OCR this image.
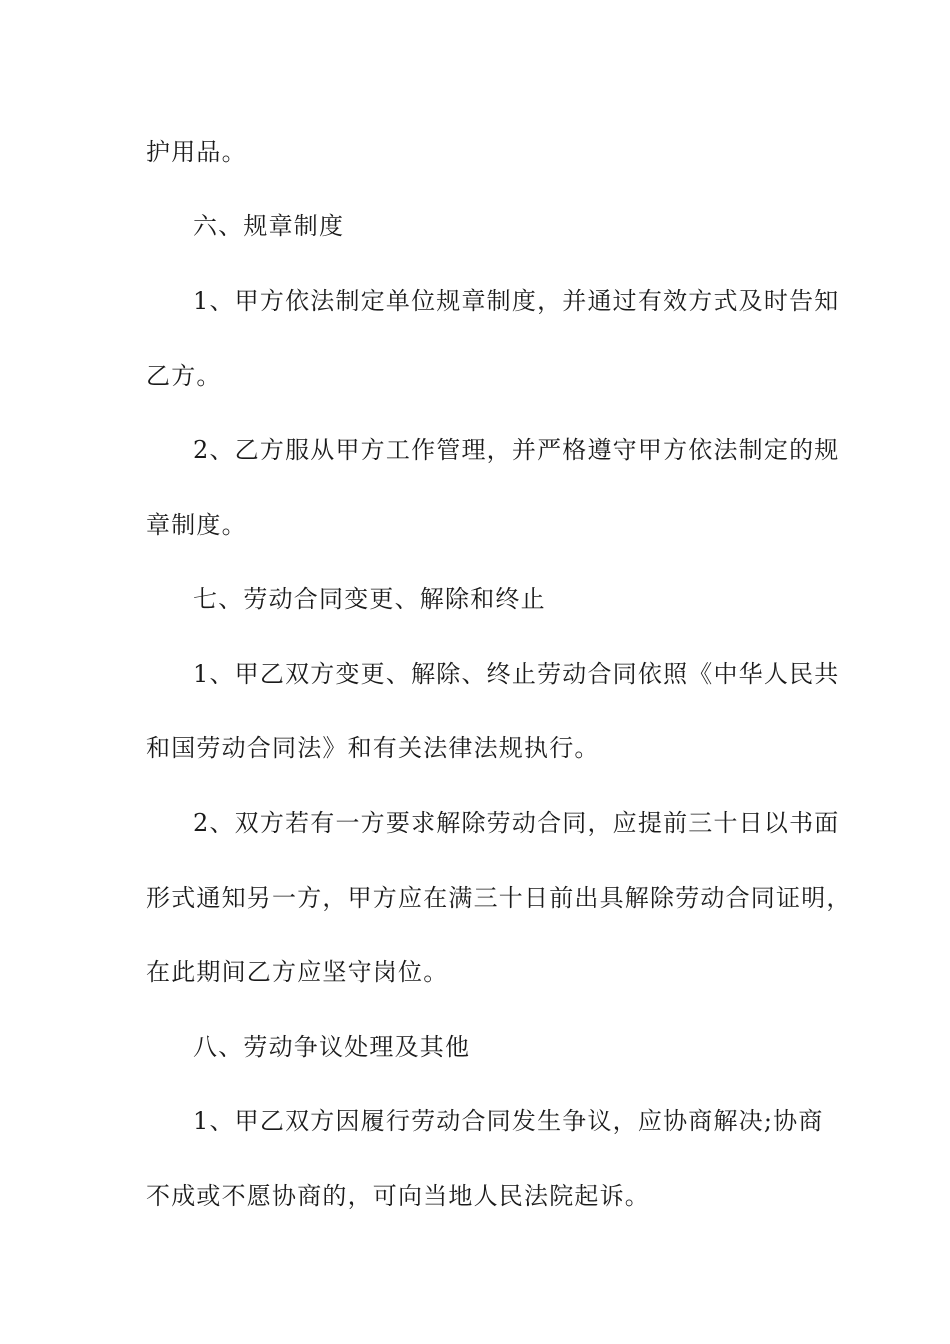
护用品。
六、规章制度
1、甲方依法制定单位规章制度，并通过有效方式及时告知
乙方。
2、乙方服从甲方工作管理，并严格遵守甲方依法制定的规
章制度。
七、劳动合同变更、解除和终止
1、甲乙双方变更、解除、终止劳动合同依照《中华人民共
和国劳动合同法》和有关法律法规执行。
2、双方若有一方要求解除劳动合同，应提前三十日以书面
形式通知另一方，甲方应在满三十日前出具解除劳动合同证明，
在此期间乙方应坚守岗位。
八、劳动争议处理及其他
1、甲乙双方因履行劳动合同发生争议，应协商解决;协商
不成或不愿协商的，可向当地人民法院起诉。
